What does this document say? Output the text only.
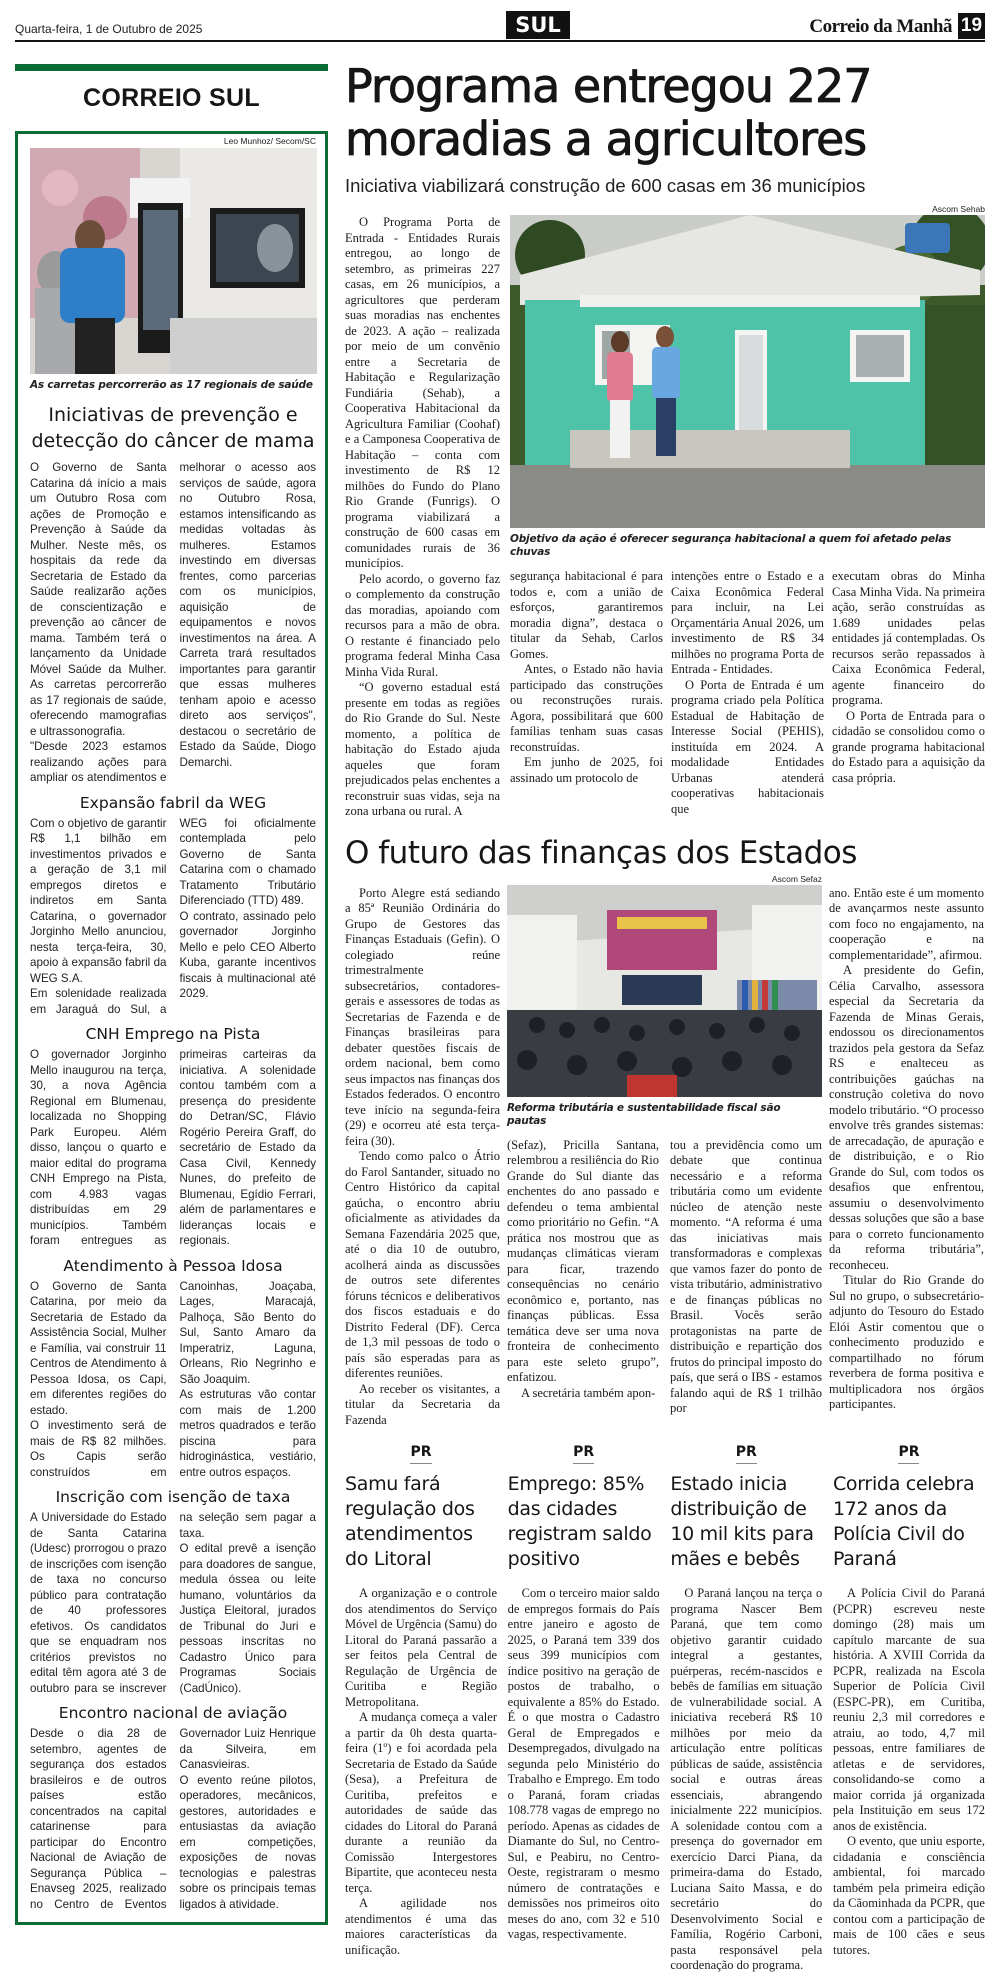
Quarta-feira, 1 de Outubro de 2025	SUL	Correio da Manhã 19
CORREIO SUL
Leo Munhoz/ Secom/SC
As carretas percorrerão as 17 regionais de saúde
Iniciativas de prevenção e detecção do câncer de mama

O Governo de Santa Catarina dá início a mais um Outubro Rosa com ações de Promoção e Prevenção à Saúde da Mulher. Neste mês, os hospitais da rede da Secretaria de Estado da Saúde realizarão ações de conscientização e prevenção ao câncer de mama. Também terá o lançamento da Unidade Móvel Saúde da Mulher. As carretas percorrerão as 17 regionais de saúde, oferecendo mamografias e ultrassonografia.

"Desde 2023 estamos realizando ações para ampliar os atendimentos e melhorar o acesso aos serviços de saúde, agora no Outubro Rosa, estamos intensificando as medidas voltadas às mulheres. Estamos investindo em diversas frentes, como parcerias com os municípios, aquisição de equipamentos e novos investimentos na área. A Carreta trará resultados importantes para garantir que essas mulheres tenham apoio e acesso direto aos serviços", destacou o secretário de Estado da Saúde, Diogo Demarchi.

Expansão fabril da WEG

Com o objetivo de garantir R$ 1,1 bilhão em investimentos privados e a geração de 3,1 mil empregos diretos e indiretos em Santa Catarina, o governador Jorginho Mello anunciou, nesta terça-feira, 30, apoio à expansão fabril da WEG S.A.

Em solenidade realizada em Jaraguá do Sul, a WEG foi oficialmente contemplada pelo Governo de Santa Catarina com o chamado Tratamento Tributário Diferenciado (TTD) 489.

O contrato, assinado pelo governador Jorginho Mello e pelo CEO Alberto Kuba, garante incentivos fiscais à multinacional até 2029.

CNH Emprego na Pista

O governador Jorginho Mello inaugurou na terça, 30, a nova Agência Regional em Blumenau, localizada no Shopping Park Europeu. Além disso, lançou o quarto e maior edital do programa CNH Emprego na Pista, com 4.983 vagas distribuídas em 29 municípios. Também foram entregues as primeiras carteiras da iniciativa. A solenidade contou também com a presença do presidente do Detran/SC, Flávio Rogério Pereira Graff, do secretário de Estado da Casa Civil, Kennedy Nunes, do prefeito de Blumenau, Egídio Ferrari, além de parlamentares e lideranças locais e regionais.

Atendimento à Pessoa Idosa

O Governo de Santa Catarina, por meio da Secretaria de Estado da Assistência Social, Mulher e Família, vai construir 11 Centros de Atendimento à Pessoa Idosa, os Capi, em diferentes regiões do estado.

O investimento será de mais de R$ 82 milhões. Os Capis serão construídos em Canoinhas, Joaçaba, Lages, Maracajá, Palhoça, São Bento do Sul, Santo Amaro da Imperatriz, Laguna, Orleans, Rio Negrinho e São Joaquim.

As estruturas vão contar com mais de 1.200 metros quadrados e terão piscina para hidroginástica, vestiário, entre outros espaços.

Inscrição com isenção de taxa

A Universidade do Estado de Santa Catarina (Udesc) prorrogou o prazo de inscrições com isenção de taxa no concurso público para contratação de 40 professores efetivos. Os candidatos que se enquadram nos critérios previstos no edital têm agora até 3 de outubro para se inscrever na seleção sem pagar a taxa.

O edital prevê a isenção para doadores de sangue, medula óssea ou leite humano, voluntários da Justiça Eleitoral, jurados de Tribunal do Juri e pessoas inscritas no Cadastro Único para Programas Sociais (CadÚnico).

Encontro nacional de aviação

Desde o dia 28 de setembro, agentes de segurança dos estados brasileiros e de outros países estão concentrados na capital catarinense para participar do Encontro Nacional de Aviação de Segurança Pública – Enavseg 2025, realizado no Centro de Eventos Governador Luiz Henrique da Silveira, em Canasvieiras.

O evento reúne pilotos, operadores, mecânicos, gestores, autoridades e entusiastas da aviação em competições, exposições de novas tecnologias e palestras sobre os principais temas ligados à atividade.

Programa entregou 227 moradias a agricultores
Iniciativa viabilizará construção de 600 casas em 36 municípios

O Programa Porta de Entrada - Entidades Rurais entregou, ao longo de setembro, as primeiras 227 casas, em 26 municípios, a agricultores que perderam suas moradias nas enchentes de 2023. A ação – realizada por meio de um convênio entre a Secretaria de Habitação e Regularização Fundiária (Sehab), a Cooperativa Habitacional da Agricultura Familiar (Coohaf) e a Camponesa Cooperativa de Habitação – conta com investimento de R$ 12 milhões do Fundo do Plano Rio Grande (Funrigs). O programa viabilizará a construção de 600 casas em comunidades rurais de 36 municípios.

Pelo acordo, o governo faz o complemento da construção das moradias, apoiando com recursos para a mão de obra. O restante é financiado pelo programa federal Minha Casa Minha Vida Rural.

“O governo estadual está presente em todas as regiões do Rio Grande do Sul. Neste momento, a política de habitação do Estado ajuda aqueles que foram prejudicados pelas enchentes a reconstruir suas vidas, seja na zona urbana ou rural. A

Ascom Sehab
Objetivo da ação é oferecer segurança habitacional a quem foi afetado pelas chuvas

segurança habitacional é para todos e, com a união de esforços, garantiremos moradia digna”, destaca o titular da Sehab, Carlos Gomes.

Antes, o Estado não havia participado das construções ou reconstruções rurais. Agora, possibilitará que 600 famílias tenham suas casas reconstruídas.

Em junho de 2025, foi assinado um protocolo de

intenções entre o Estado e a Caixa Econômica Federal para incluir, na Lei Orçamentária Anual 2026, um investimento de R$ 34 milhões no programa Porta de Entrada - Entidades.

O Porta de Entrada é um programa criado pela Política Estadual de Habitação de Interesse Social (PEHIS), instituída em 2024. A modalidade Entidades Urbanas atenderá cooperativas habitacionais que

executam obras do Minha Casa Minha Vida. Na primeira ação, serão construídas as 1.689 unidades pelas entidades já contempladas. Os recursos serão repassados à Caixa Econômica Federal, agente financeiro do programa.

O Porta de Entrada para o cidadão se consolidou como o grande programa habitacional do Estado para a aquisição da casa própria.

O futuro das finanças dos Estados

Porto Alegre está sediando a 85ª Reunião Ordinária do Grupo de Gestores das Finanças Estaduais (Gefin). O colegiado reúne trimestralmente subsecretários, contadores-gerais e assessores de todas as Secretarias de Fazenda e de Finanças brasileiras para debater questões fiscais de ordem nacional, bem como seus impactos nas finanças dos Estados federados. O encontro teve início na segunda-feira (29) e ocorreu até esta terça-feira (30).

Tendo como palco o Átrio do Farol Santander, situado no Centro Histórico da capital gaúcha, o encontro abriu oficialmente as atividades da Semana Fazendária 2025 que, até o dia 10 de outubro, acolherá ainda as discussões de outros sete diferentes fóruns técnicos e deliberativos dos fiscos estaduais e do Distrito Federal (DF). Cerca de 1,3 mil pessoas de todo o país são esperadas para as diferentes reuniões.

Ao receber os visitantes, a titular da Secretaria da Fazenda

Ascom Sefaz
Reforma tributária e sustentabilidade fiscal são pautas

(Sefaz), Pricilla Santana, relembrou a resiliência do Rio Grande do Sul diante das enchentes do ano passado e defendeu o tema ambiental como prioritário no Gefin. “A prática nos mostrou que as mudanças climáticas vieram para ficar, trazendo consequências no cenário econômico e, portanto, nas finanças públicas. Essa temática deve ser uma nova fronteira de conhecimento para este seleto grupo”, enfatizou.

A secretária também apon-

tou a previdência como um debate que continua necessário e a reforma tributária como um evidente núcleo de atenção neste momento. “A reforma é uma das iniciativas mais transformadoras e complexas que vamos fazer do ponto de vista tributário, administrativo e de finanças públicas no Brasil. Vocês serão protagonistas na parte de distribuição e repartição dos frutos do principal imposto do país, que será o IBS - estamos falando aqui de R$ 1 trilhão por

ano. Então este é um momento de avançarmos neste assunto com foco no engajamento, na cooperação e na complementaridade”, afirmou.

A presidente do Gefin, Célia Carvalho, assessora especial da Secretaria da Fazenda de Minas Gerais, endossou os direcionamentos trazidos pela gestora da Sefaz RS e enalteceu as contribuições gaúchas na construção coletiva do novo modelo tributário. “O processo envolve três grandes sistemas: de arrecadação, de apuração e de distribuição, e o Rio Grande do Sul, com todos os desafios que enfrentou, assumiu o desenvolvimento dessas soluções que são a base para o correto funcionamento da reforma tributária”, reconheceu.

Titular do Rio Grande do Sul no grupo, o subsecretário-adjunto do Tesouro do Estado Elói Astir comentou que o conhecimento produzido e compartilhado no fórum reverbera de forma positiva e multiplicadora nos órgãos participantes.

PR
Samu fará regulação dos atendimentos do Litoral

A organização e o controle dos atendimentos do Serviço Móvel de Urgência (Samu) do Litoral do Paraná passarão a ser feitos pela Central de Regulação de Urgência de Curitiba e Região Metropolitana.

A mudança começa a valer a partir da 0h desta quarta-feira (1º) e foi acordada pela Secretaria de Estado da Saúde (Sesa), a Prefeitura de Curitiba, prefeitos e autoridades de saúde das cidades do Litoral do Paraná durante a reunião da Comissão Intergestores Bipartite, que aconteceu nesta terça.

A agilidade nos atendimentos é uma das maiores características da unificação.

PR
Emprego: 85% das cidades registram saldo positivo

Com o terceiro maior saldo de empregos formais do País entre janeiro e agosto de 2025, o Paraná tem 339 dos seus 399 municípios com índice positivo na geração de postos de trabalho, o equivalente a 85% do Estado. É o que mostra o Cadastro Geral de Empregados e Desempregados, divulgado na segunda pelo Ministério do Trabalho e Emprego. Em todo o Paraná, foram criadas 108.778 vagas de emprego no período. Apenas as cidades de Diamante do Sul, no Centro-Sul, e Peabiru, no Centro-Oeste, registraram o mesmo número de contratações e demissões nos primeiros oito meses do ano, com 32 e 510 vagas, respectivamente.

PR
Estado inicia distribuição de 10 mil kits para mães e bebês

O Paraná lançou na terça o programa Nascer Bem Paraná, que tem como objetivo garantir cuidado integral a gestantes, puérperas, recém-nascidos e bebês de famílias em situação de vulnerabilidade social. A iniciativa receberá R$ 10 milhões por meio da articulação entre políticas públicas de saúde, assistência social e outras áreas essenciais, abrangendo inicialmente 222 municípios. A solenidade contou com a presença do governador em exercício Darci Piana, da primeira-dama do Estado, Luciana Saito Massa, e do secretário do Desenvolvimento Social e Família, Rogério Carboni, pasta responsável pela coordenação do programa.

PR
Corrida celebra 172 anos da Polícia Civil do Paraná

A Polícia Civil do Paraná (PCPR) escreveu neste domingo (28) mais um capítulo marcante de sua história. A XVIII Corrida da PCPR, realizada na Escola Superior de Polícia Civil (ESPC-PR), em Curitiba, reuniu 2,3 mil corredores e atraiu, ao todo, 4,7 mil pessoas, entre familiares de atletas e de servidores, consolidando-se como a maior corrida já organizada pela Instituição em seus 172 anos de existência.

O evento, que uniu esporte, cidadania e consciência ambiental, foi marcado também pela primeira edição da Cãominhada da PCPR, que contou com a participação de mais de 100 cães e seus tutores.
